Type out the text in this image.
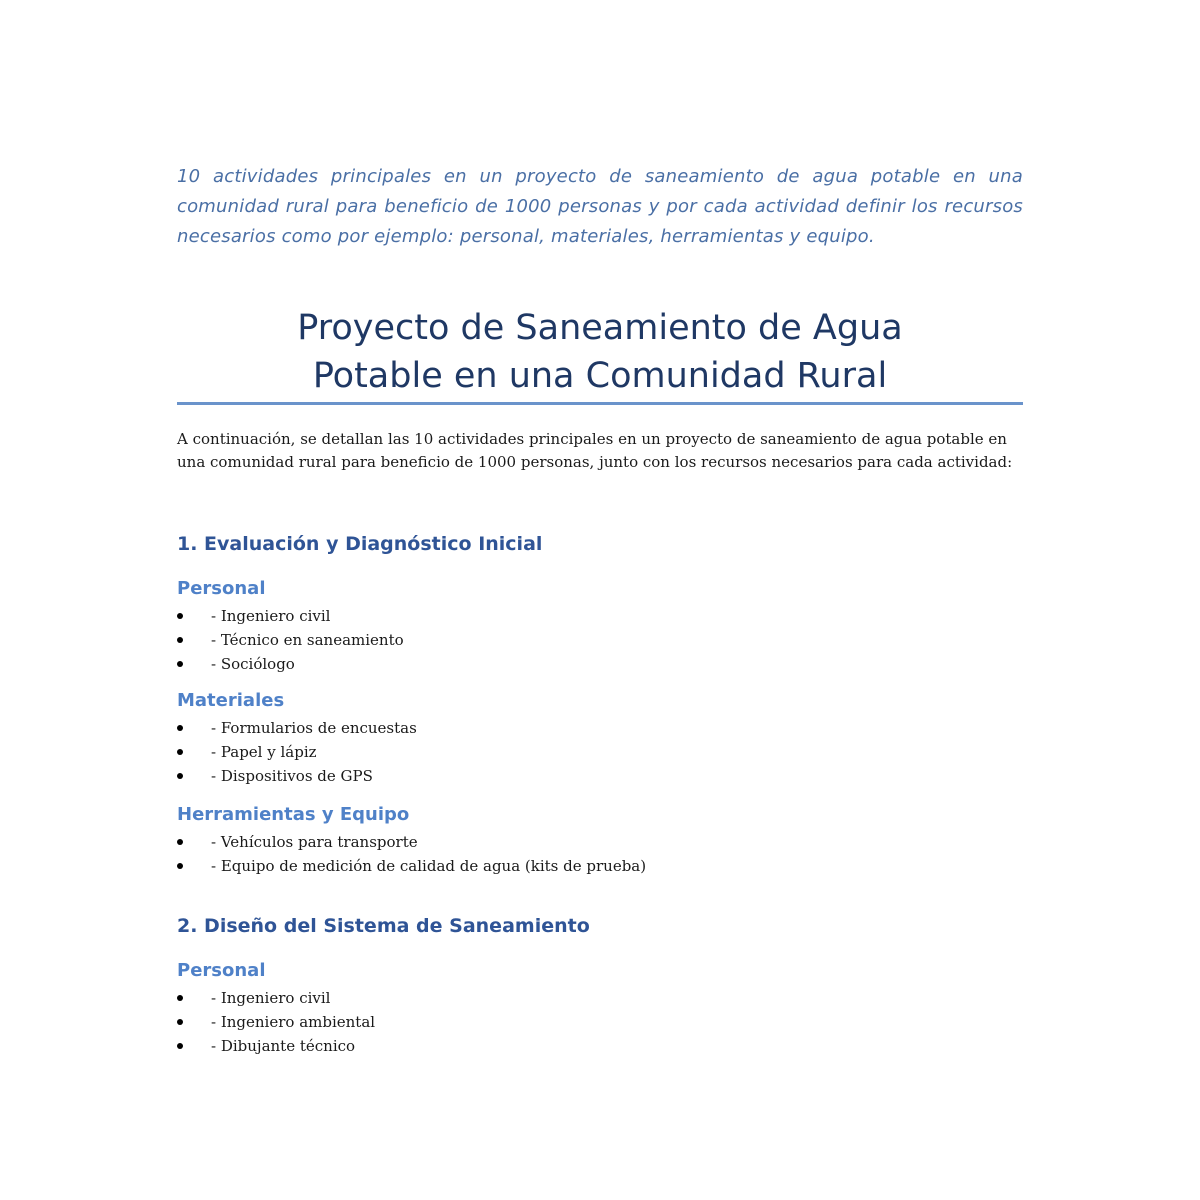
10 actividades principales en un proyecto de saneamiento de agua potable en una comunidad rural para beneficio de 1000 personas y por cada actividad definir los recursos necesarios como por ejemplo: personal, materiales, herramientas y equipo.

Proyecto de Saneamiento de Agua
Potable en una Comunidad Rural

A continuación, se detallan las 10 actividades principales en un proyecto de saneamiento de agua potable en una comunidad rural para beneficio de 1000 personas, junto con los recursos necesarios para cada actividad:

1. Evaluación y Diagnóstico Inicial
Personal
- Ingeniero civil
- Técnico en saneamiento
- Sociólogo
Materiales
- Formularios de encuestas
- Papel y lápiz
- Dispositivos de GPS
Herramientas y Equipo
- Vehículos para transporte
- Equipo de medición de calidad de agua (kits de prueba)
2. Diseño del Sistema de Saneamiento
Personal
- Ingeniero civil
- Ingeniero ambiental
- Dibujante técnico
